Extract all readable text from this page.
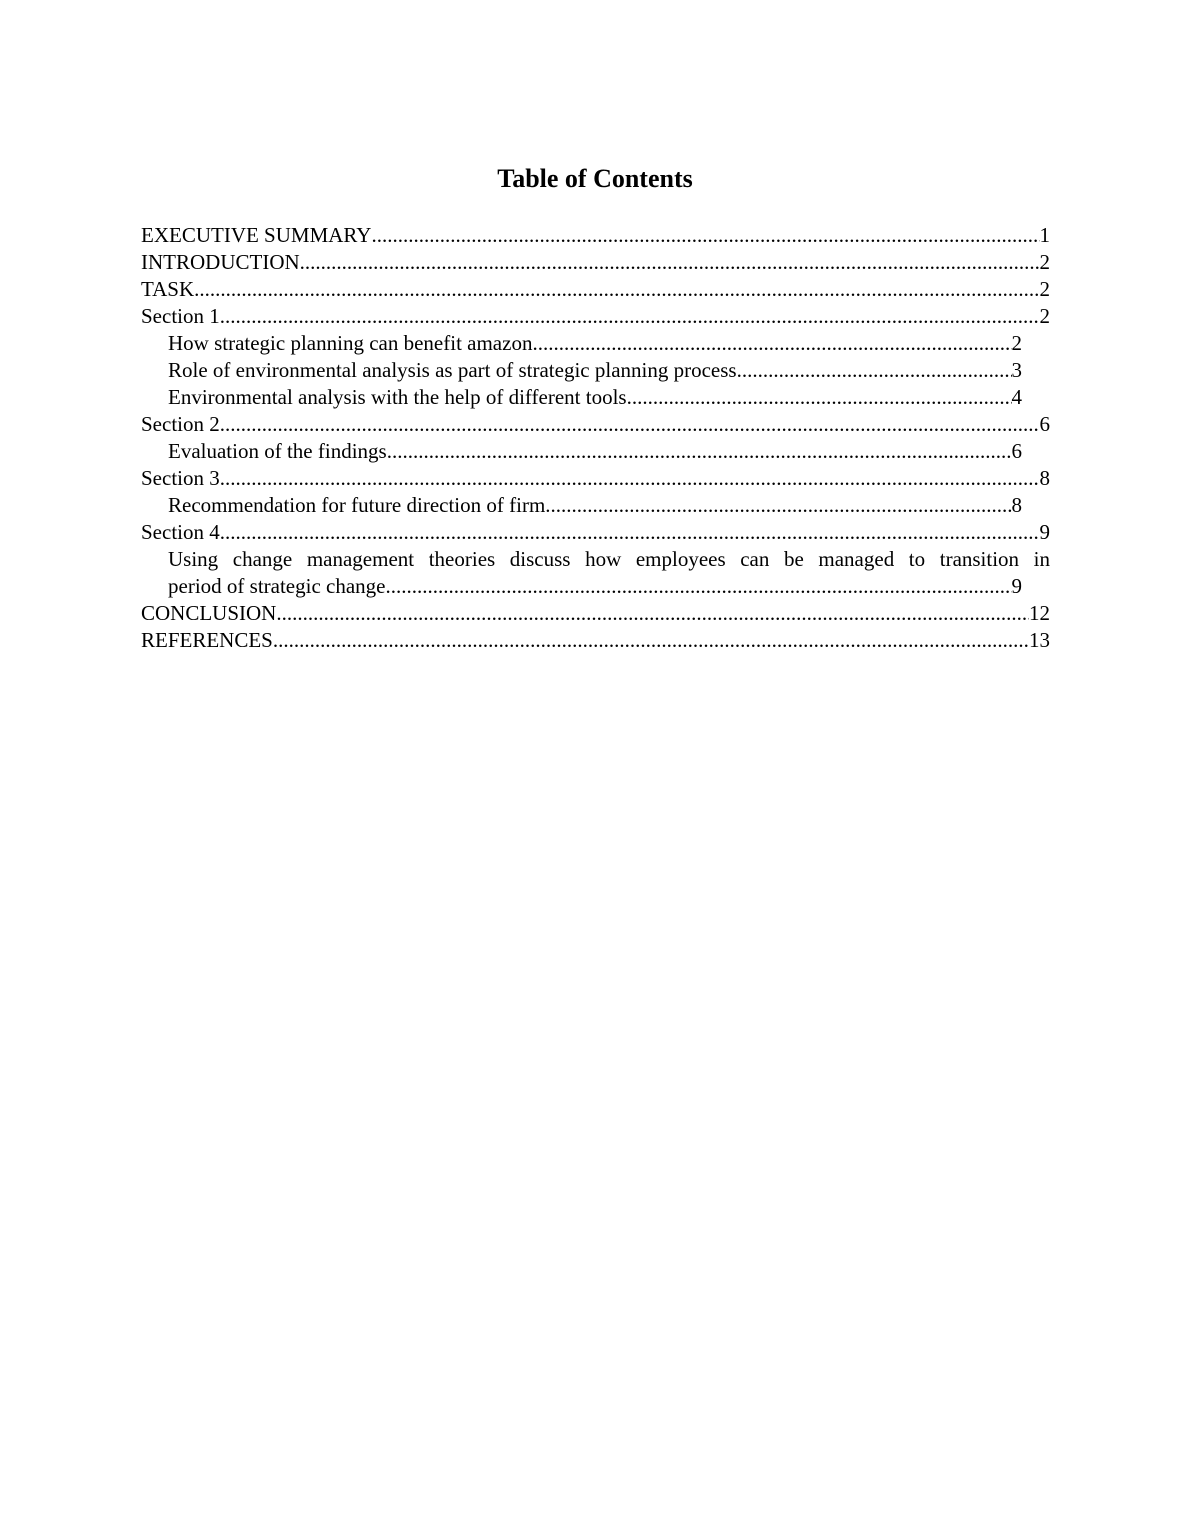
Table of Contents
EXECUTIVE SUMMARY .....	1
INTRODUCTION .....	2
TASK .....	2
Section 1 .....	2
How strategic planning can benefit amazon .....	2
Role of environmental analysis as part of strategic planning process .....	3
Environmental analysis with the help of different tools .....	4
Section 2 .....	6
Evaluation of the findings .....	6
Section 3 .....	8
Recommendation for future direction of firm .....	8
Section 4 .....	9
Using change management theories discuss how employees can be managed to transition in
period of strategic change .....	9
CONCLUSION .....	12
REFERENCES .....	13
